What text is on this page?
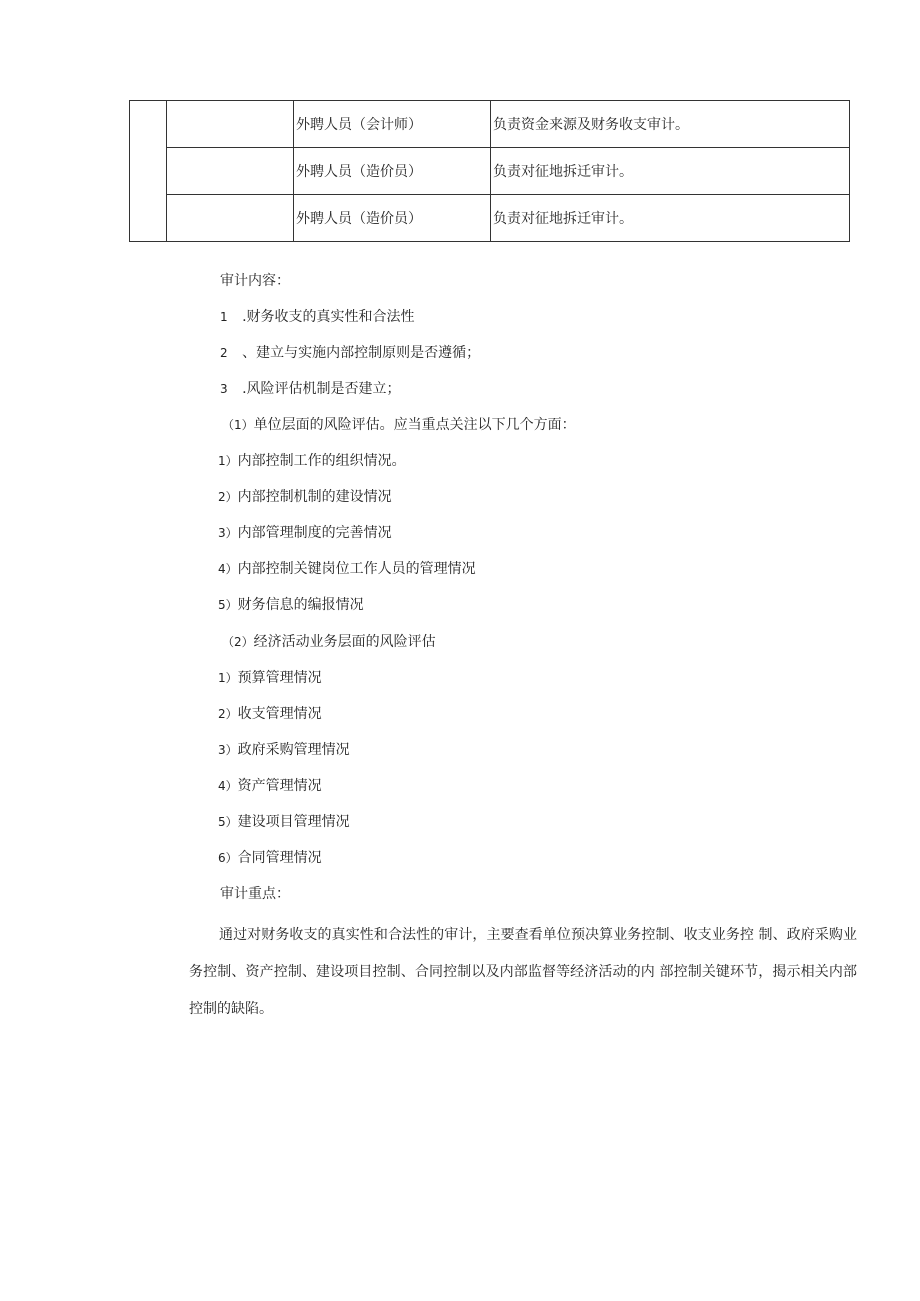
		外聘人员（会计师）	负责资金来源及财务收支审计。
		外聘人员（造价员）	负责对征地拆迁审计。
		外聘人员（造价员）	负责对征地拆迁审计。
审计内容：
1 .财务收支的真实性和合法性
2 、建立与实施内部控制原则是否遵循；
3 .风险评估机制是否建立；
（1）单位层面的风险评估。应当重点关注以下几个方面：
1）内部控制工作的组织情况。
2）内部控制机制的建设情况
3）内部管理制度的完善情况
4）内部控制关键岗位工作人员的管理情况
5）财务信息的编报情况
（2）经济活动业务层面的风险评估
1）预算管理情况
2）收支管理情况
3）政府采购管理情况
4）资产管理情况
5）建设项目管理情况
6）合同管理情况
审计重点：
通过对财务收支的真实性和合法性的审计，主要查看单位预决算业务控制、收支业务控 制、政府采购业务控制、资产控制、建设项目控制、合同控制以及内部监督等经济活动的内 部控制关键环节，揭示相关内部控制的缺陷。
